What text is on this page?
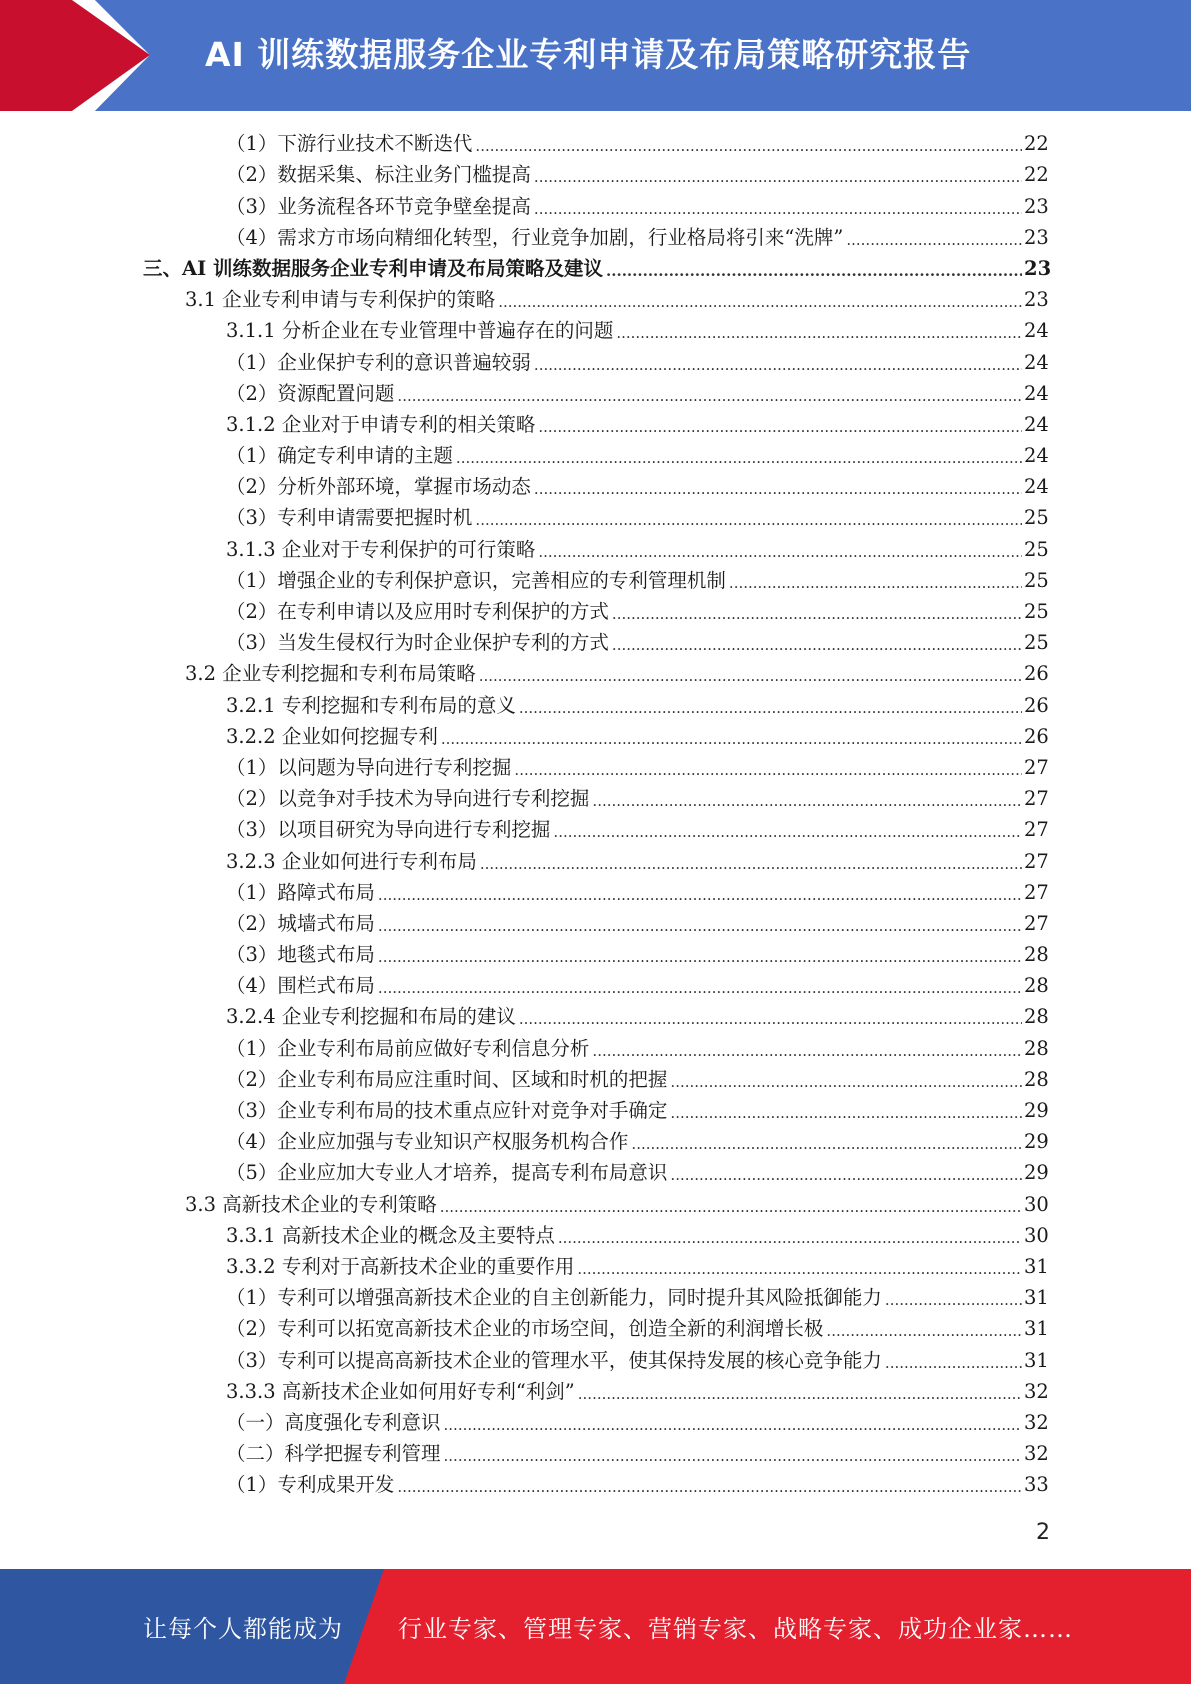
AI 训练数据服务企业专利申请及布局策略研究报告
（1）下游行业技术不断迭代 .....	22
（2）数据采集、标注业务门槛提高 .....	22
（3）业务流程各环节竞争壁垒提高 .....	23
（4）需求方市场向精细化转型，行业竞争加剧，行业格局将引来“洗牌” .....	23
三、AI 训练数据服务企业专利申请及布局策略及建议 .....	23
3.1 企业专利申请与专利保护的策略 .....	23
3.1.1 分析企业在专业管理中普遍存在的问题 .....	24
（1）企业保护专利的意识普遍较弱 .....	24
（2）资源配置问题 .....	24
3.1.2 企业对于申请专利的相关策略 .....	24
（1）确定专利申请的主题 .....	24
（2）分析外部环境，掌握市场动态 .....	24
（3）专利申请需要把握时机 .....	25
3.1.3 企业对于专利保护的可行策略 .....	25
（1）增强企业的专利保护意识，完善相应的专利管理机制 .....	25
（2）在专利申请以及应用时专利保护的方式 .....	25
（3）当发生侵权行为时企业保护专利的方式 .....	25
3.2 企业专利挖掘和专利布局策略 .....	26
3.2.1 专利挖掘和专利布局的意义 .....	26
3.2.2 企业如何挖掘专利 .....	26
（1）以问题为导向进行专利挖掘 .....	27
（2）以竞争对手技术为导向进行专利挖掘 .....	27
（3）以项目研究为导向进行专利挖掘 .....	27
3.2.3 企业如何进行专利布局 .....	27
（1）路障式布局 .....	27
（2）城墙式布局 .....	27
（3）地毯式布局 .....	28
（4）围栏式布局 .....	28
3.2.4 企业专利挖掘和布局的建议 .....	28
（1）企业专利布局前应做好专利信息分析 .....	28
（2）企业专利布局应注重时间、区域和时机的把握 .....	28
（3）企业专利布局的技术重点应针对竞争对手确定 .....	29
（4）企业应加强与专业知识产权服务机构合作 .....	29
（5）企业应加大专业人才培养，提高专利布局意识 .....	29
3.3 高新技术企业的专利策略 .....	30
3.3.1 高新技术企业的概念及主要特点 .....	30
3.3.2 专利对于高新技术企业的重要作用 .....	31
（1）专利可以增强高新技术企业的自主创新能力，同时提升其风险抵御能力 .....	31
（2）专利可以拓宽高新技术企业的市场空间，创造全新的利润增长极 .....	31
（3）专利可以提高高新技术企业的管理水平，使其保持发展的核心竞争能力 .....	31
3.3.3 高新技术企业如何用好专利“利剑” .....	32
（一）高度强化专利意识 .....	32
（二）科学把握专利管理 .....	32
（1）专利成果开发 .....	33
2
让每个人都能成为 行业专家、管理专家、营销专家、战略专家、成功企业家……
